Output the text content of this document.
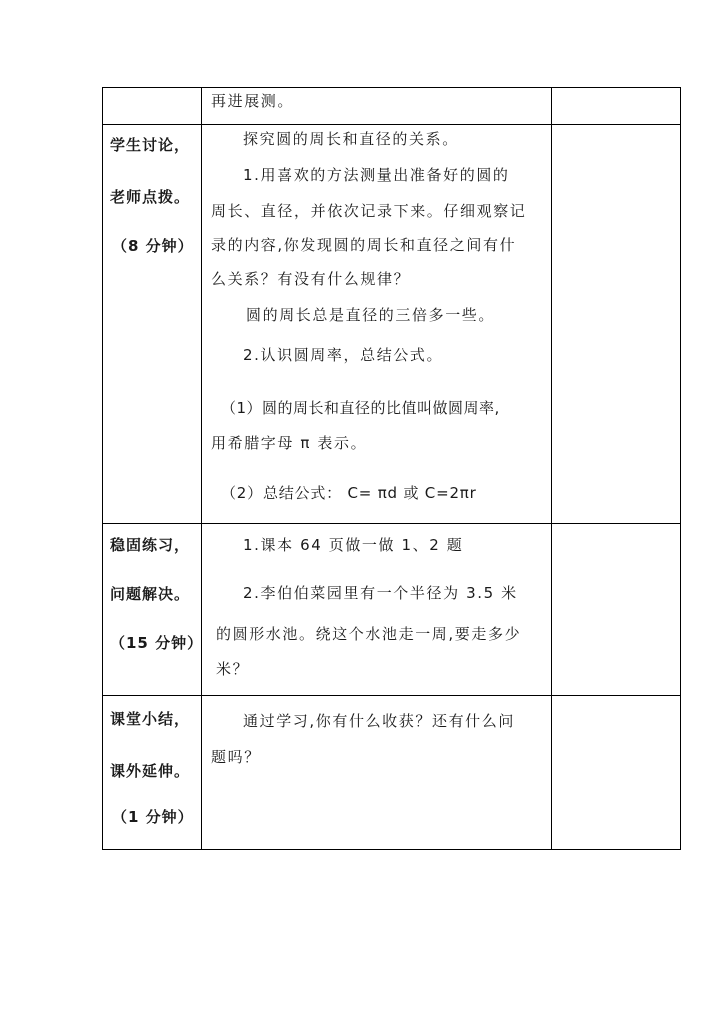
再进展测。
学生讨论，
老师点拨。
（8 分钟）
探究圆的周长和直径的关系。
1.用喜欢的方法测量出准备好的圆的
周长、直径，并依次记录下来。仔细观察记
录的内容,你发现圆的周长和直径之间有什
么关系？有没有什么规律？
圆的周长总是直径的三倍多一些。
2.认识圆周率，总结公式。
（1）圆的周长和直径的比值叫做圆周率,
用希腊字母 π 表示。
（2）总结公式： C= πd 或 C=2πr
稳固练习，
问题解决。
（15 分钟）
1.课本 64 页做一做 1、2 题
2.李伯伯菜园里有一个半径为 3.5 米
的圆形水池。绕这个水池走一周,要走多少
米？
课堂小结，
课外延伸。
（1 分钟）
通过学习,你有什么收获？还有什么问
题吗？
